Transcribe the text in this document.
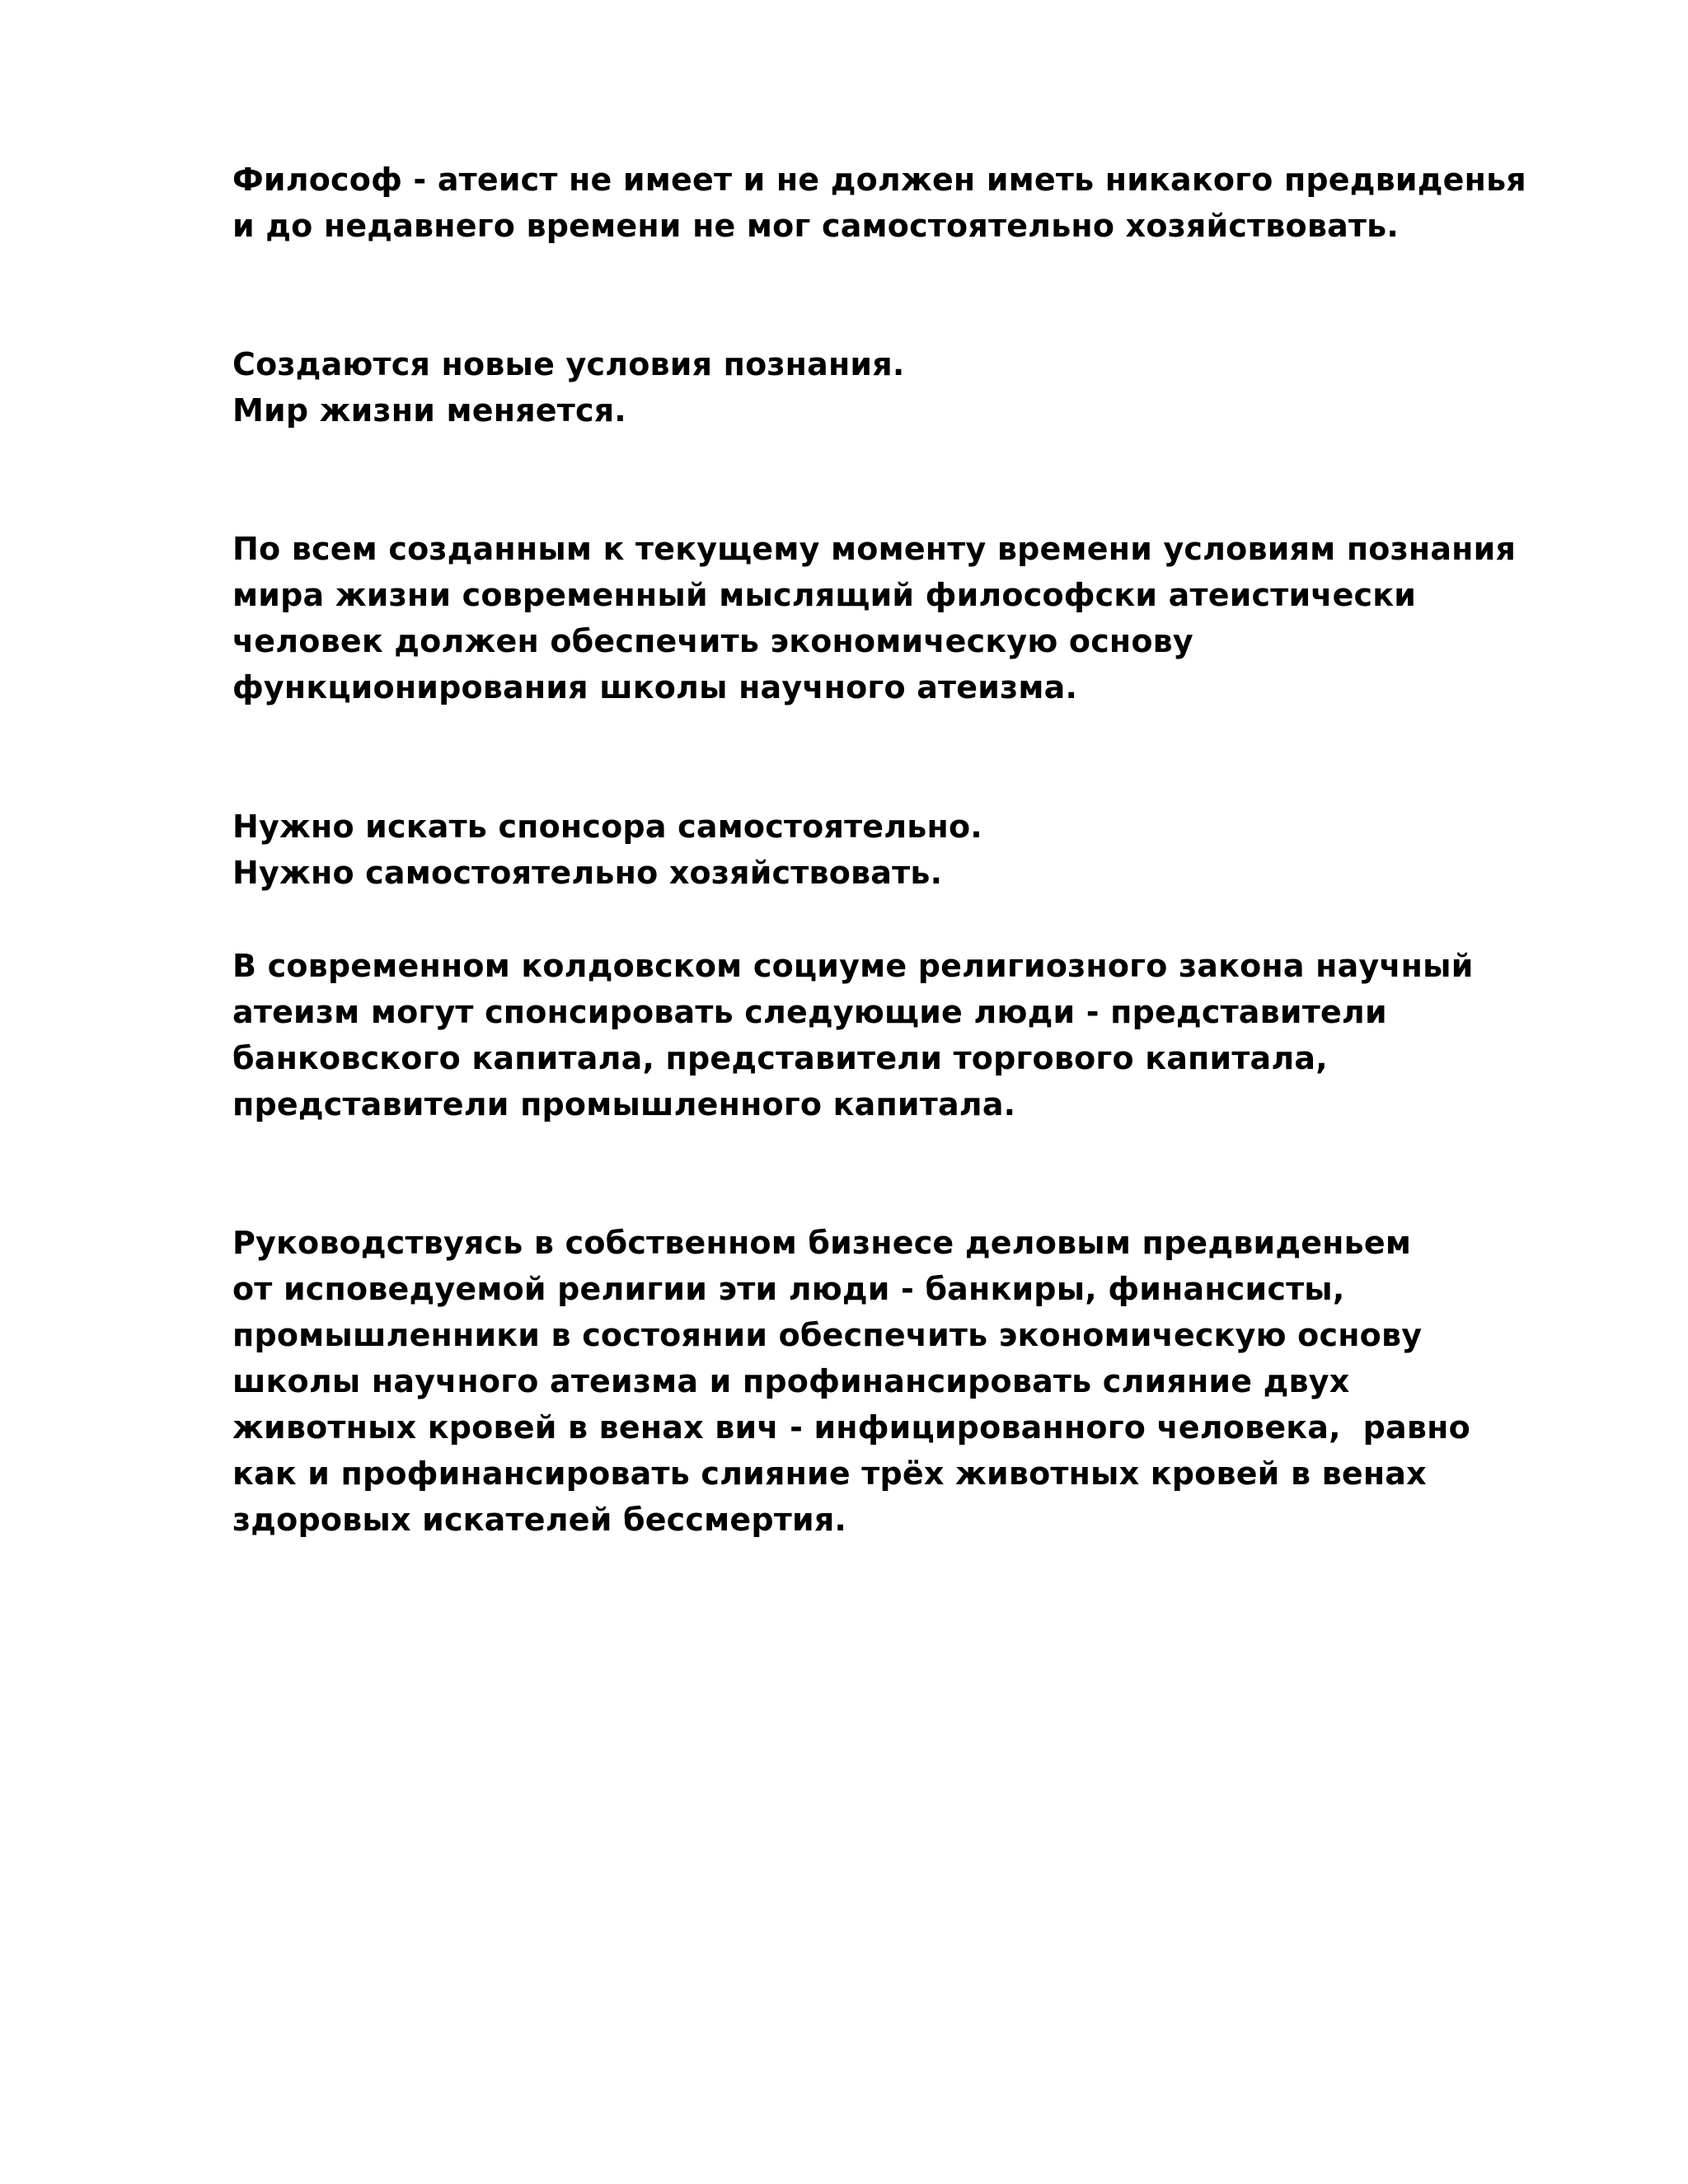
Философ - атеист не имеет и не должен иметь никакого предвиденья
и до недавнего времени не мог самостоятельно хозяйствовать.

Создаются новые условия познания.
Мир жизни меняется.

По всем созданным к текущему моменту времени условиям познания
мира жизни современный мыслящий философски атеистически
человек должен обеспечить экономическую основу
функционирования школы научного атеизма.

Нужно искать спонсора самостоятельно.
Нужно самостоятельно хозяйствовать.

В современном колдовском социуме религиозного закона научный
атеизм могут спонсировать следующие люди - представители
банковского капитала, представители торгового капитала,
представители промышленного капитала.

Руководствуясь в собственном бизнесе деловым предвиденьем
от исповедуемой религии эти люди - банкиры, финансисты,
промышленники в состоянии обеспечить экономическую основу
школы научного атеизма и профинансировать слияние двух
животных кровей в венах вич - инфицированного человека,  равно
как и профинансировать слияние трёх животных кровей в венах
здоровых искателей бессмертия.
